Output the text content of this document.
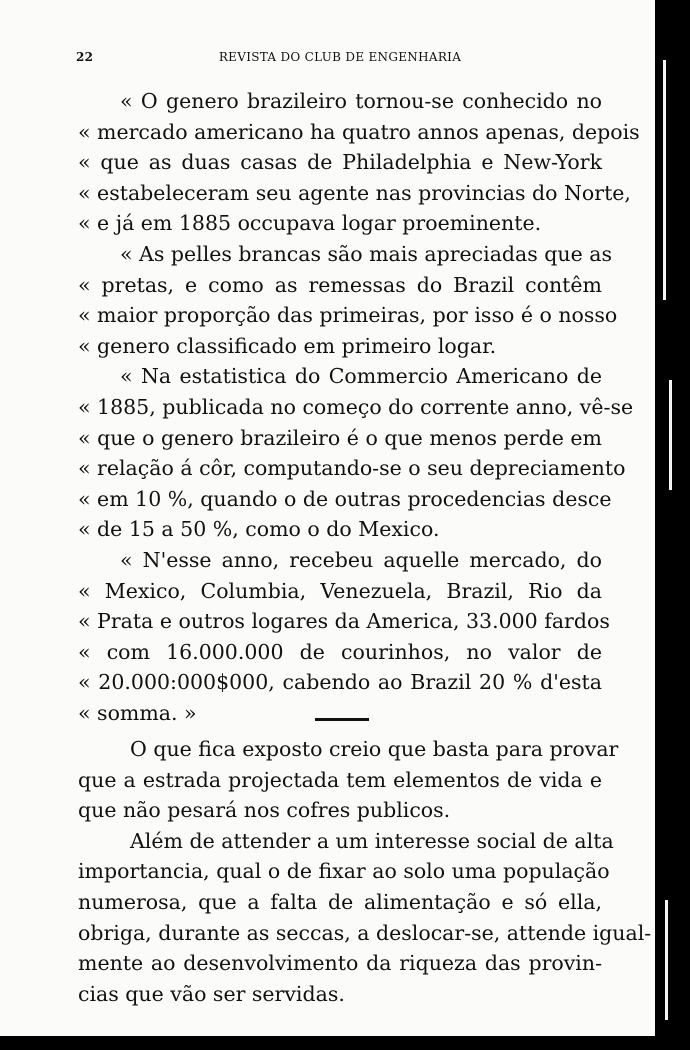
22	REVISTA DO CLUB DE ENGENHARIA
« O genero brazileiro tornou-se conhecido no
« mercado americano ha quatro annos apenas, depois
« que as duas casas de Philadelphia e New-York
« estabeleceram seu agente nas provincias do Norte,
« e já em 1885 occupava logar proeminente.
« As pelles brancas são mais apreciadas que as
« pretas, e como as remessas do Brazil contêm
« maior proporção das primeiras, por isso é o nosso
« genero classificado em primeiro logar.
« Na estatistica do Commercio Americano de
« 1885, publicada no começo do corrente anno, vê-se
« que o genero brazileiro é o que menos perde em
« relação á côr, computando-se o seu depreciamento
« em 10 %, quando o de outras procedencias desce
« de 15 a 50 %, como o do Mexico.
« N'esse anno, recebeu aquelle mercado, do
« Mexico, Columbia, Venezuela, Brazil, Rio da
« Prata e outros logares da America, 33.000 fardos
« com 16.000.000 de courinhos, no valor de
« 20.000:000$000, cabendo ao Brazil 20 % d'esta
« somma. »
O que fica exposto creio que basta para provar
que a estrada projectada tem elementos de vida e
que não pesará nos cofres publicos.
Além de attender a um interesse social de alta
importancia, qual o de fixar ao solo uma população
numerosa, que a falta de alimentação e só ella,
obriga, durante as seccas, a deslocar-se, attende igual-
mente ao desenvolvimento da riqueza das provin-
cias que vão ser servidas.
